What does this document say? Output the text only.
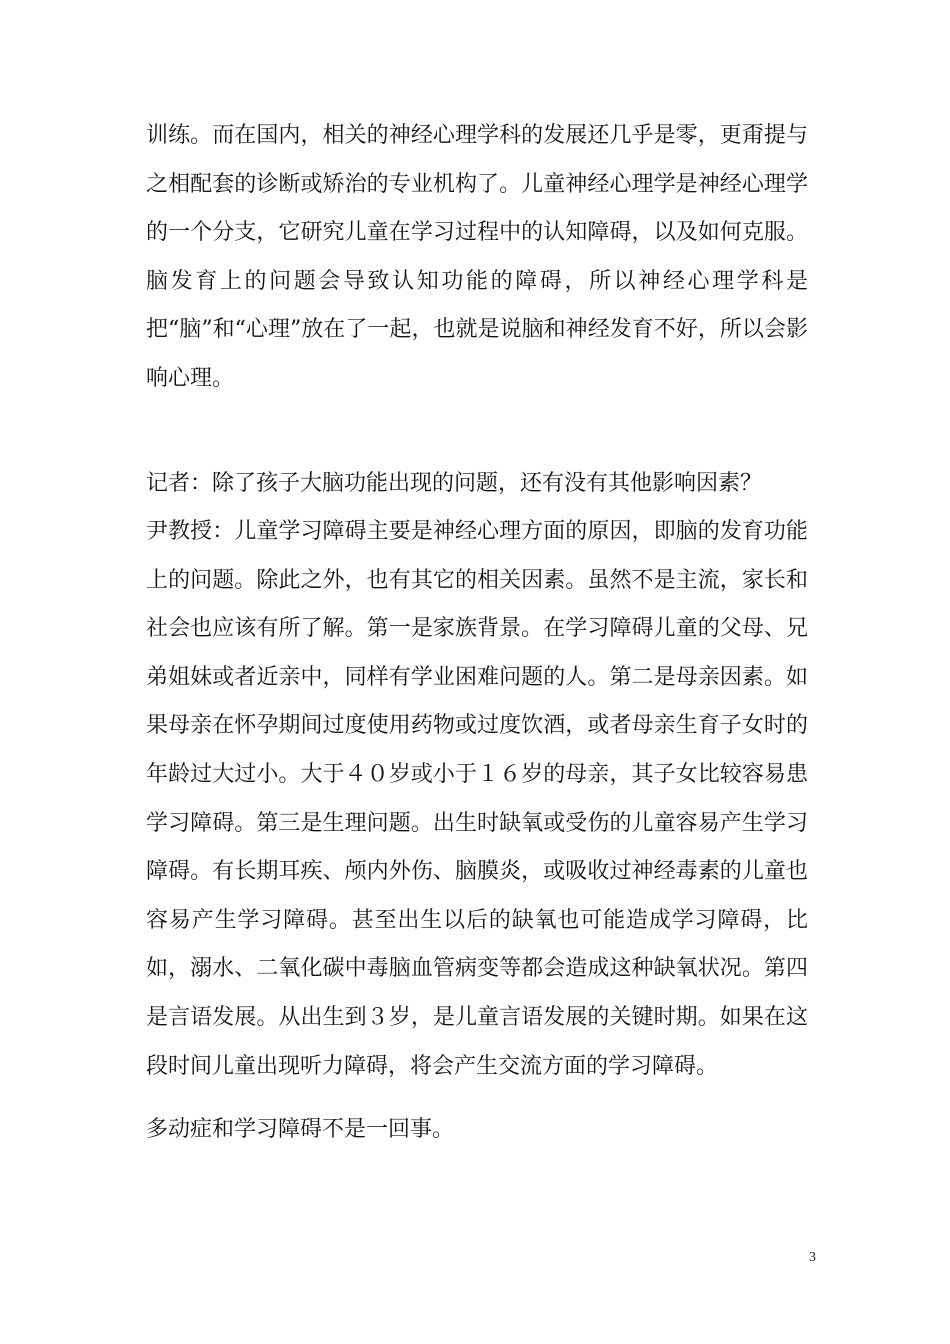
训练。而在国内，相关的神经心理学科的发展还几乎是零，更甭提与之相配套的诊断或矫治的专业机构了。儿童神经心理学是神经心理学的一个分支，它研究儿童在学习过程中的认知障碍，以及如何克服。脑发育上的问题会导致认知功能的障碍，所以神经心理学科是把“脑”和“心理”放在了一起，也就是说脑和神经发育不好，所以会影响心理。

记者：除了孩子大脑功能出现的问题，还有没有其他影响因素？

尹教授：儿童学习障碍主要是神经心理方面的原因，即脑的发育功能上的问题。除此之外，也有其它的相关因素。虽然不是主流，家长和社会也应该有所了解。第一是家族背景。在学习障碍儿童的父母、兄弟姐妹或者近亲中，同样有学业困难问题的人。第二是母亲因素。如果母亲在怀孕期间过度使用药物或过度饮酒，或者母亲生育子女时的年龄过大过小。大于４０岁或小于１６岁的母亲，其子女比较容易患学习障碍。第三是生理问题。出生时缺氧或受伤的儿童容易产生学习障碍。有长期耳疾、颅内外伤、脑膜炎，或吸收过神经毒素的儿童也容易产生学习障碍。甚至出生以后的缺氧也可能造成学习障碍，比如，溺水、二氧化碳中毒脑血管病变等都会造成这种缺氧状况。第四是言语发展。从出生到３岁，是儿童言语发展的关键时期。如果在这段时间儿童出现听力障碍，将会产生交流方面的学习障碍。

多动症和学习障碍不是一回事。

3
